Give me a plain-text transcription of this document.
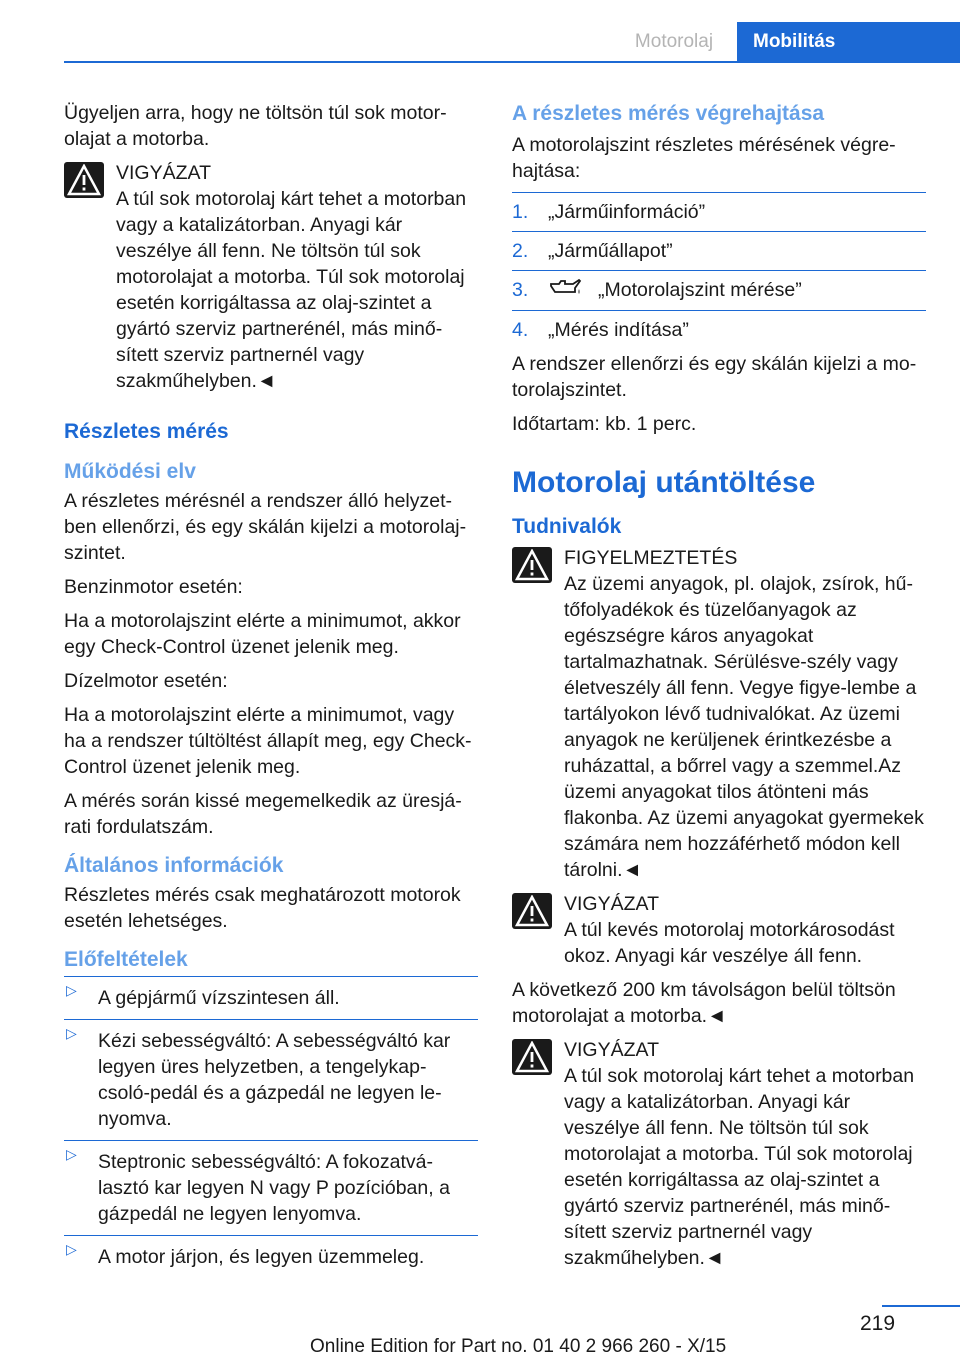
Motorolaj	Mobilitás

Ügyeljen arra, hogy ne töltsön túl sok motor-olajat a motorba.

VIGYÁZAT
A túl sok motorolaj kárt tehet a motorban vagy a katalizátorban. Anyagi kár veszélye áll fenn. Ne töltsön túl sok motorolajat a motorba. Túl sok motorolaj esetén korrigáltassa az olaj-szintet a gyártó szerviz partnerénél, más minő-sített szerviz partnernél vagy szakműhelyben.◄
Részletes mérés
Működési elv

A részletes mérésnél a rendszer álló helyzet-ben ellenőrzi, és egy skálán kijelzi a motorolaj-szintet.

Benzinmotor esetén:

Ha a motorolajszint elérte a minimumot, akkor egy Check-Control üzenet jelenik meg.

Dízelmotor esetén:

Ha a motorolajszint elérte a minimumot, vagy ha a rendszer túltöltést állapít meg, egy Check-Control üzenet jelenik meg.

A mérés során kissé megemelkedik az üresjá-rati fordulatszám.

Általános információk

Részletes mérés csak meghatározott motorok esetén lehetséges.

Előfeltételek
▷ A gépjármű vízszintesen áll.
▷ Kézi sebességváltó: A sebességváltó kar legyen üres helyzetben, a tengelykap-csoló-pedál és a gázpedál ne legyen le-nyomva.
▷ Steptronic sebességváltó: A fokozatvá-lasztó kar legyen N vagy P pozícióban, a gázpedál ne legyen lenyomva.
▷ A motor járjon, és legyen üzemmeleg.
A részletes mérés végrehajtása

A motorolajszint részletes mérésének végre-hajtása:

1. „Járműinformáció”
2. „Járműállapot”
3.	„Motorolajszint mérése”
4. „Mérés indítása”

A rendszer ellenőrzi és egy skálán kijelzi a mo-torolajszintet.

Időtartam: kb. 1 perc.

Motorolaj utántöltése
Tudnivalók
FIGYELMEZTETÉS
Az üzemi anyagok, pl. olajok, zsírok, hű-tőfolyadékok és tüzelőanyagok az egészségre káros anyagokat tartalmazhatnak. Sérülésve-szély vagy életveszély áll fenn. Vegye figye-lembe a tartályokon lévő tudnivalókat. Az üzemi anyagok ne kerüljenek érintkezésbe a ruházattal, a bőrrel vagy a szemmel.Az üzemi anyagokat tilos átönteni más flakonba. Az üzemi anyagokat gyermekek számára nem hozzáférhető módon kell tárolni.◄
VIGYÁZAT
A túl kevés motorolaj motorkárosodást okoz. Anyagi kár veszélye áll fenn.

A következő 200 km távolságon belül töltsön motorolajat a motorba.◄

VIGYÁZAT
A túl sok motorolaj kárt tehet a motorban vagy a katalizátorban. Anyagi kár veszélye áll fenn. Ne töltsön túl sok motorolajat a motorba. Túl sok motorolaj esetén korrigáltassa az olaj-szintet a gyártó szerviz partnerénél, más minő-sített szerviz partnernél vagy szakműhelyben.◄
219
Online Edition for Part no. 01 40 2 966 260 - X/15
